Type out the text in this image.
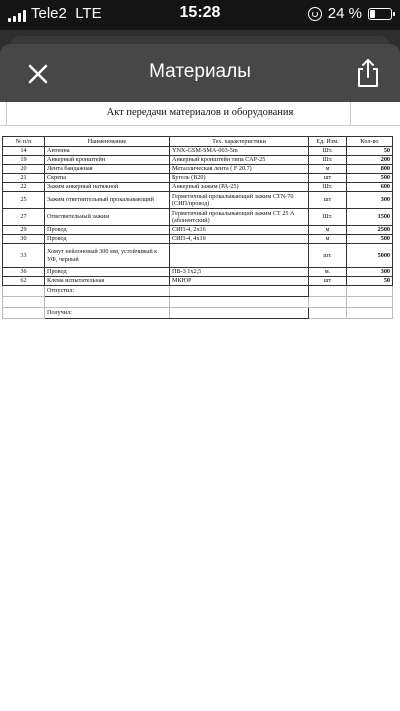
Tele2 LTE	15:28	24 %
Материалы
Акт передачи материалов и оборудования
№ п/п	Наименование	Тех. характеристики	Ед. Изм.	Кол-во
14	Антенна	YNX-GSM-SMA-003-5m	Шт.	50
19	Анкерный кронштейн	Анкерный кронштейн типа САР-25	Шт.	200
20	Лента бандажная	Металлическая лента ( F 20.7)	м	800
21	Скрепа	Бугель (В20)	шт	500
22	Зажим анкерный натяжной	Анкерный зажим (РА-25)	Шт.	600
25	Зажим ответвительный прокалывающий	Герметичный прокалывающий зажим СТN-70 (СИП/провод)	шт	300
27	Ответвительный зажим	Герметичный прокалывающий зажим СТ 25 А (абонентский)	Шт.	1500
29	Провод	СИП-4, 2х16	м	2500
30	Провод	СИП-4, 4х16	м	500
33	Хомут нейлоновый 300 мм, устойчивый к УФ, черный		шт.	5000
36	Провод	ПВ-3 1х2,5	м.	300
62	Клема испытательная	МКЮР	шт	50
	Отпустил:			

	Получил:			
